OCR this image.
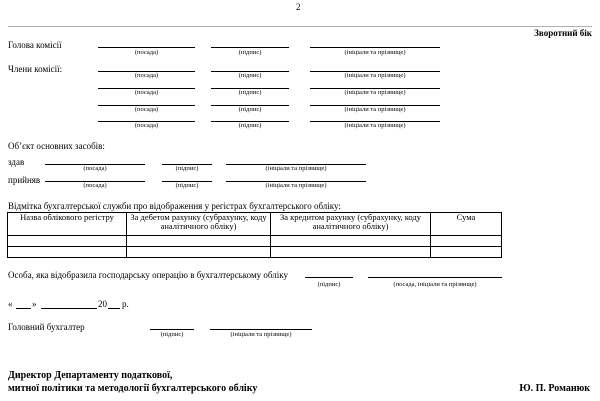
2
Зворотний бік
Голова комісії
(посада)	(підпис)	(ініціали та прізвище)
Члени комісії:
(посада)	(підпис)	(ініціали та прізвище)
(посада)	(підпис)	(ініціали та прізвище)
(посада)	(підпис)	(ініціали та прізвище)
(посада)	(підпис)	(ініціали та прізвище)
Об’єкт основних засобів:
здав
(посада)	(підпис)	(ініціали та прізвище)
прийняв
(посада)	(підпис)	(ініціали та прізвище)
Відмітка бухгалтерської служби про відображення у регістрах бухгалтерського обліку:
Назва облікового регістру	За дебетом рахунку (субрахунку, коду аналітичного обліку)	За кредитом рахунку (субрахунку, коду аналітичного обліку)	Сума

Особа, яка відобразила господарську операцію в бухгалтерському обліку
(підпис)	(посада, ініціали та прізвище)
« »	20 р.
Головний бухгалтер
(підпис)	(ініціали та прізвище)
Директор Департаменту податкової,
митної політики та методології бухгалтерського обліку	Ю. П. Романюк
